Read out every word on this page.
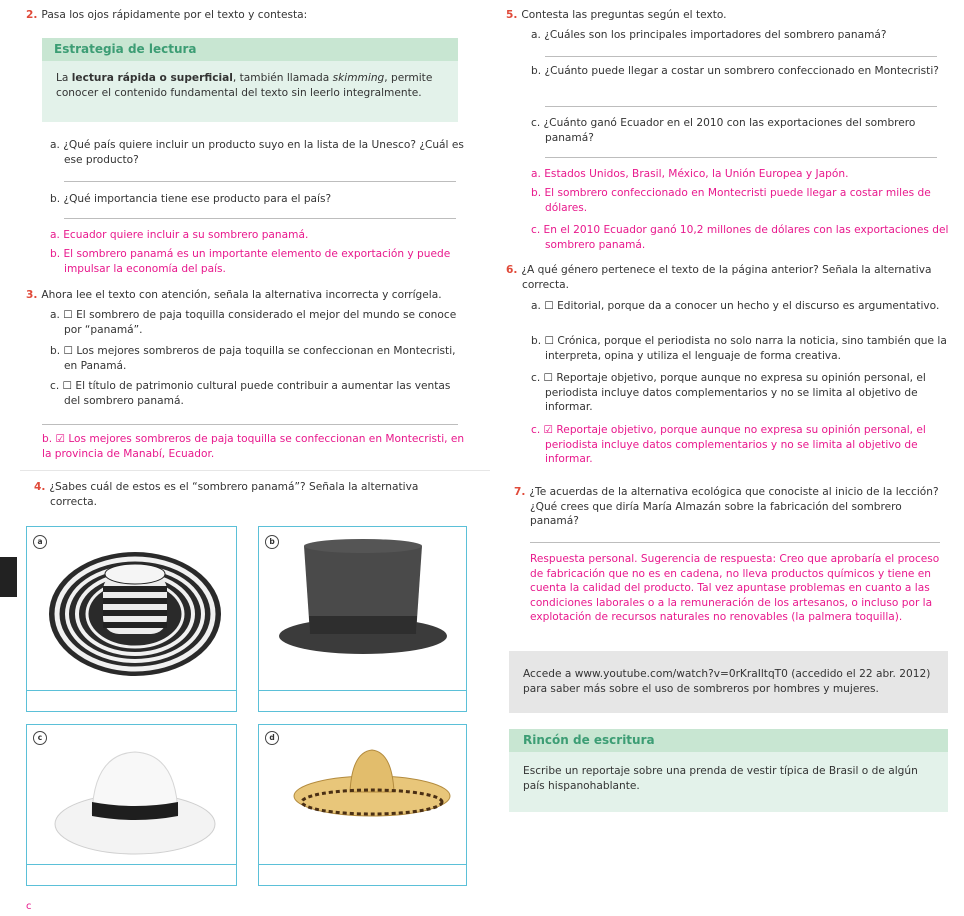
2. Pasa los ojos rápidamente por el texto y contesta:
Estrategia de lectura
La lectura rápida o superficial, también llamada skimming, permite conocer el contenido fundamental del texto sin leerlo integralmente.
a. ¿Qué país quiere incluir un producto suyo en la lista de la Unesco? ¿Cuál es ese producto?
b. ¿Qué importancia tiene ese producto para el país?
a. Ecuador quiere incluir a su sombrero panamá.
b. El sombrero panamá es un importante elemento de exportación y puede impulsar la economía del país.
3. Ahora lee el texto con atención, señala la alternativa incorrecta y corrígela.
a. ☐ El sombrero de paja toquilla considerado el mejor del mundo se conoce por “panamá”.
b. ☐ Los mejores sombreros de paja toquilla se confeccionan en Montecristi, en Panamá.
c. ☐ El título de patrimonio cultural puede contribuir a aumentar las ventas del sombrero panamá.
b. ☑ Los mejores sombreros de paja toquilla se confeccionan en Montecristi, en la provincia de Manabí, Ecuador.
4. ¿Sabes cuál de estos es el “sombrero panamá”? Señala la alternativa correcta.
a	b
c	d
c
5. Contesta las preguntas según el texto.
a. ¿Cuáles son los principales importadores del sombrero panamá?
b. ¿Cuánto puede llegar a costar un sombrero confeccionado en Montecristi?
c. ¿Cuánto ganó Ecuador en el 2010 con las exportaciones del sombrero panamá?
a. Estados Unidos, Brasil, México, la Unión Europea y Japón.
b. El sombrero confeccionado en Montecristi puede llegar a costar miles de dólares.
c. En el 2010 Ecuador ganó 10,2 millones de dólares con las exportaciones del sombrero panamá.
6. ¿A qué género pertenece el texto de la página anterior? Señala la alternativa correcta.
a. ☐ Editorial, porque da a conocer un hecho y el discurso es argumentativo.
b. ☐ Crónica, porque el periodista no solo narra la noticia, sino también que la interpreta, opina y utiliza el lenguaje de forma creativa.
c. ☐ Reportaje objetivo, porque aunque no expresa su opinión personal, el periodista incluye datos complementarios y no se limita al objetivo de informar.
c. ☑ Reportaje objetivo, porque aunque no expresa su opinión personal, el periodista incluye datos complementarios y no se limita al objetivo de informar.
7. ¿Te acuerdas de la alternativa ecológica que conociste al inicio de la lección? ¿Qué crees que diría María Almazán sobre la fabricación del sombrero panamá?
Respuesta personal. Sugerencia de respuesta: Creo que aprobaría el proceso de fabricación que no es en cadena, no lleva productos químicos y tiene en cuenta la calidad del producto. Tal vez apuntase problemas en cuanto a las condiciones laborales o a la remuneración de los artesanos, o incluso por la explotación de recursos naturales no renovables (la palmera toquilla).
Accede a www.youtube.com/watch?v=0rKraIltqT0 (accedido el 22 abr. 2012) para saber más sobre el uso de sombreros por hombres y mujeres.
Rincón de escritura
Escribe un reportaje sobre una prenda de vestir típica de Brasil o de algún país hispanohablante.
